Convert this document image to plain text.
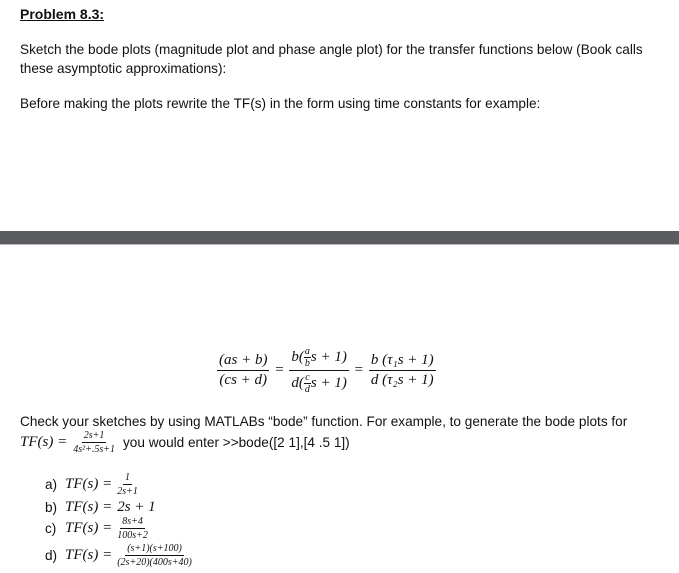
Problem 8.3:
Sketch the bode plots (magnitude plot and phase angle plot) for the transfer functions below (Book calls
these asymptotic approximations):
Before making the plots rewrite the TF(s) in the form using time constants for example:
$\frac{(as + b)}{(cs + d)} = \frac{b( \frac{a}{b} s + 1)}{d( \frac{c}{d} s + 1)} = \frac{\text{b (τ₁s + 1)}}{\text{d (τ₂s + 1)}}$
Check your sketches by using MATLABs “bode” function. For example, to generate the bode plots for
$TF(s) = \frac{2s+1}{\text{4s²+.5s+1}}$ you would enter >>bode([2 1],[4 .5 1])
a) $TF(s) = \frac{1}{2s+1}$
b) TF(s) = 2s + 1
c) $TF(s) = \frac{8s+4}{100s+2}$
d) $TF(s) = \frac{(s+1)(s+100)}{(2s+20)(400s+40)}$
